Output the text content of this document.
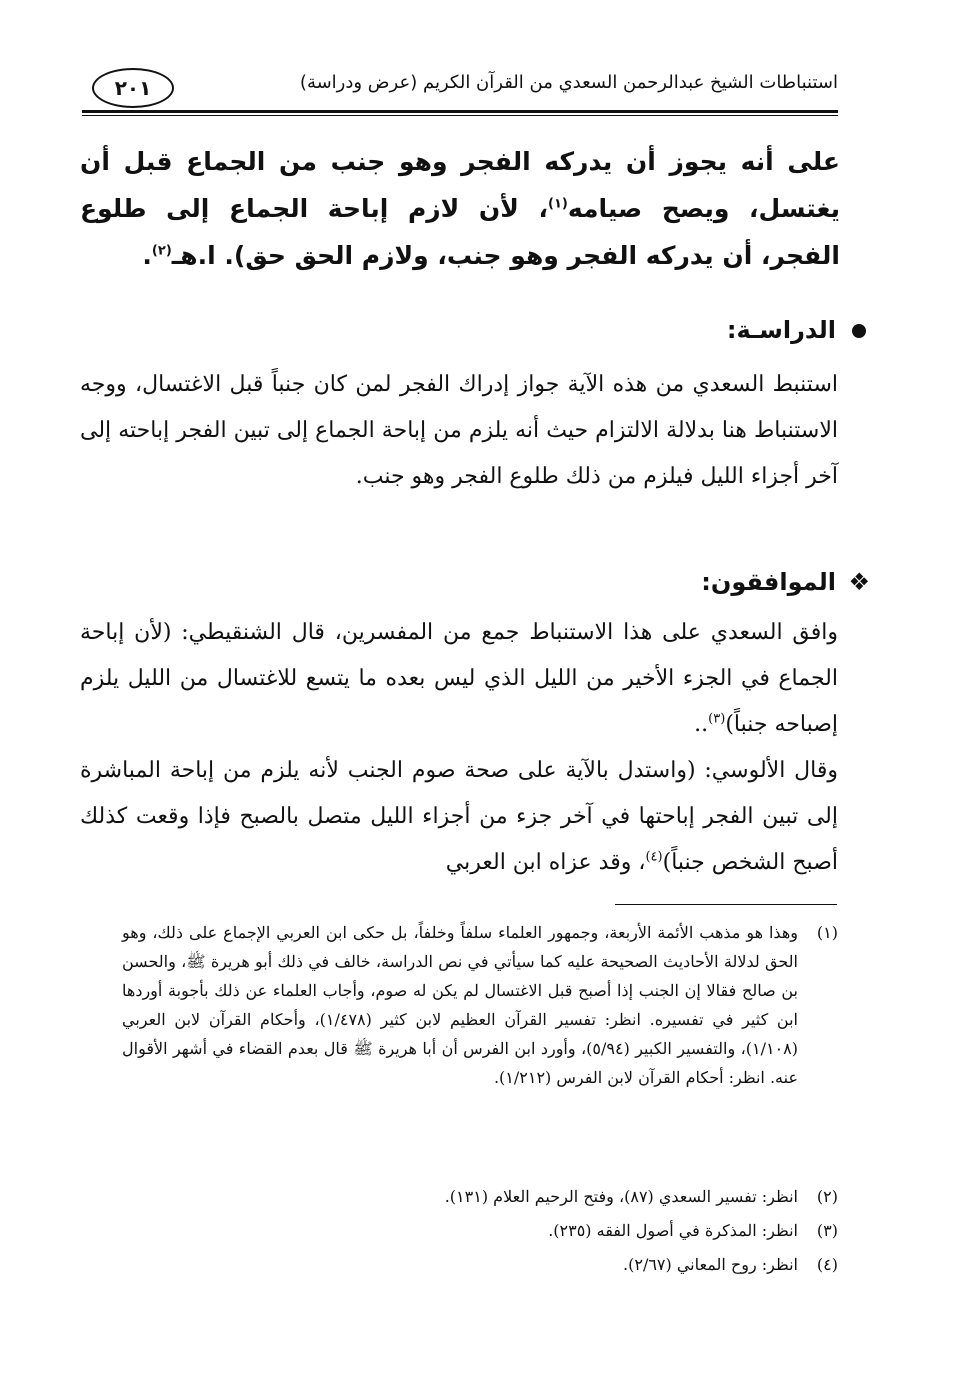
٢٠١	استنباطات الشيخ عبدالرحمن السعدي من القرآن الكريم (عرض ودراسة)
على أنه يجوز أن يدركه الفجر وهو جنب من الجماع قبل أن يغتسل، ويصح صيامه$^{(١)}$، لأن لازم إباحة الجماع إلى طلوع الفجر، أن يدركه الفجر وهو جنب، ولازم الحق حق). ا.هـ$^{(٢)}$.
الدراسـة:
استنبط السعدي من هذه الآية جواز إدراك الفجر لمن كان جنباً قبل الاغتسال، ووجه الاستنباط هنا بدلالة الالتزام حيث أنه يلزم من إباحة الجماع إلى تبين الفجر إباحته إلى آخر أجزاء الليل فيلزم من ذلك طلوع الفجر وهو جنب.
❖
الموافقون:
وافق السعدي على هذا الاستنباط جمع من المفسرين، قال الشنقيطي: (لأن إباحة الجماع في الجزء الأخير من الليل الذي ليس بعده ما يتسع للاغتسال من الليل يلزم إصباحه جنباً)$^{(٣)}$..
وقال الألوسي: (واستدل بالآية على صحة صوم الجنب لأنه يلزم من إباحة المباشرة إلى تبين الفجر إباحتها في آخر جزء من أجزاء الليل متصل بالصبح فإذا وقعت كذلك أصبح الشخص جنباً)$^{(٤)}$، وقد عزاه ابن العربي
(١)
وهذا هو مذهب الأئمة الأربعة، وجمهور العلماء سلفاً وخلفاً، بل حكى ابن العربي الإجماع على ذلك، وهو الحق لدلالة الأحاديث الصحيحة عليه كما سيأتي في نص الدراسة، خالف في ذلك أبو هريرة ﷺ، والحسن بن صالح فقالا إن الجنب إذا أصبح قبل الاغتسال لم يكن له صوم، وأجاب العلماء عن ذلك بأجوبة أوردها ابن كثير في تفسيره. انظر: تفسير القرآن العظيم لابن كثير (١/٤٧٨)، وأحكام القرآن لابن العربي (١/١٠٨)، والتفسير الكبير (٥/٩٤)، وأورد ابن الفرس أن أبا هريرة ﷺ قال بعدم القضاء في أشهر الأقوال عنه. انظر: أحكام القرآن لابن الفرس (١/٢١٢).
(٢)
انظر: تفسير السعدي (٨٧)، وفتح الرحيم العلام (١٣١).
(٣)
انظر: المذكرة في أصول الفقه (٢٣٥).
(٤)
انظر: روح المعاني (٢/٦٧).
